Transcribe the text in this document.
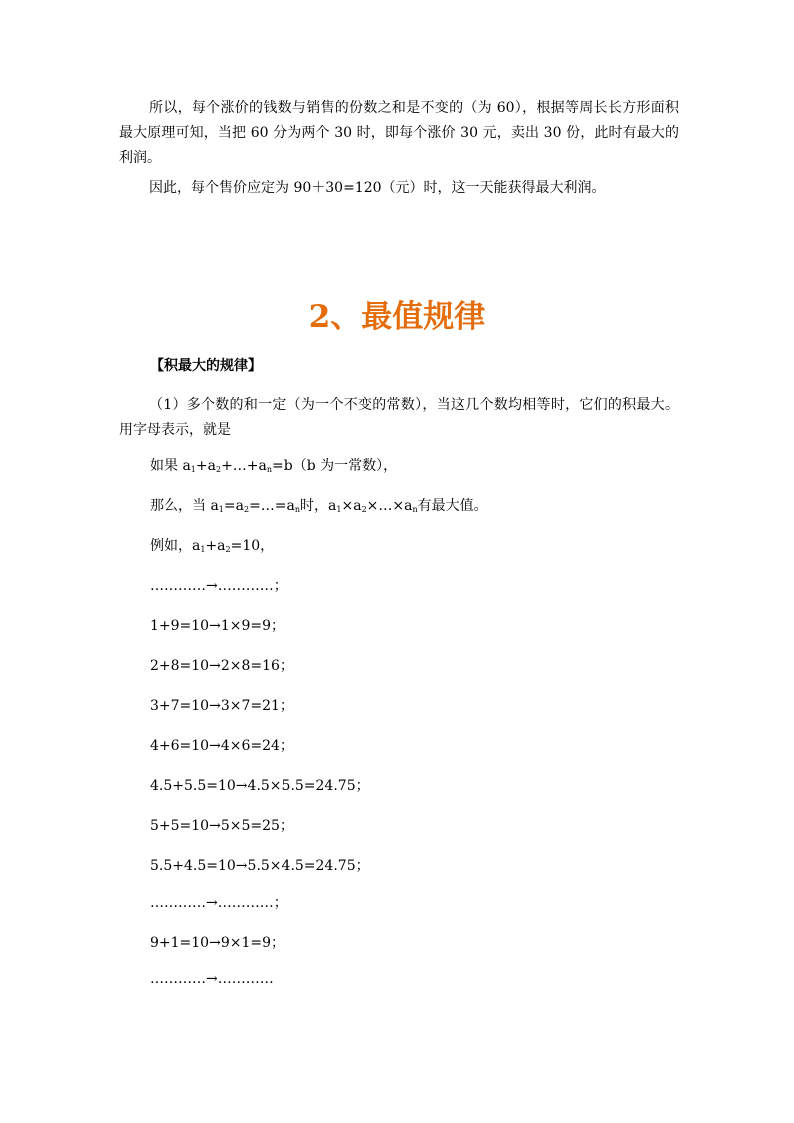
所以，每个涨价的钱数与销售的份数之和是不变的（为 60），根据等周长长方形面积最大原理可知，当把 60 分为两个 30 时，即每个涨价 30 元，卖出 30 份，此时有最大的利润。

因此，每个售价应定为 90＋30=120（元）时，这一天能获得最大利润。

2、最值规律

【积最大的规律】

（1）多个数的和一定（为一个不变的常数），当这几个数均相等时，它们的积最大。用字母表示，就是

如果 $a_1+a_2+\dots+a_n=b(b$ 为一常数），

那么，当 $a_1=a_2=\dots=a_n$时，$a_1\times a_2\times\dots\times a_n$有最大值。

例如，$a_1+a_2=10$，

…………→…………；

1+9=10→1×9=9；

2+8=10→2×8=16；

3+7=10→3×7=21；

4+6=10→4×6=24；

4.5+5.5=10→4.5×5.5=24.75；

5+5=10→5×5=25；

5.5+4.5=10→5.5×4.5=24.75；

…………→…………；

9+1=10→9×1=9；

…………→…………
